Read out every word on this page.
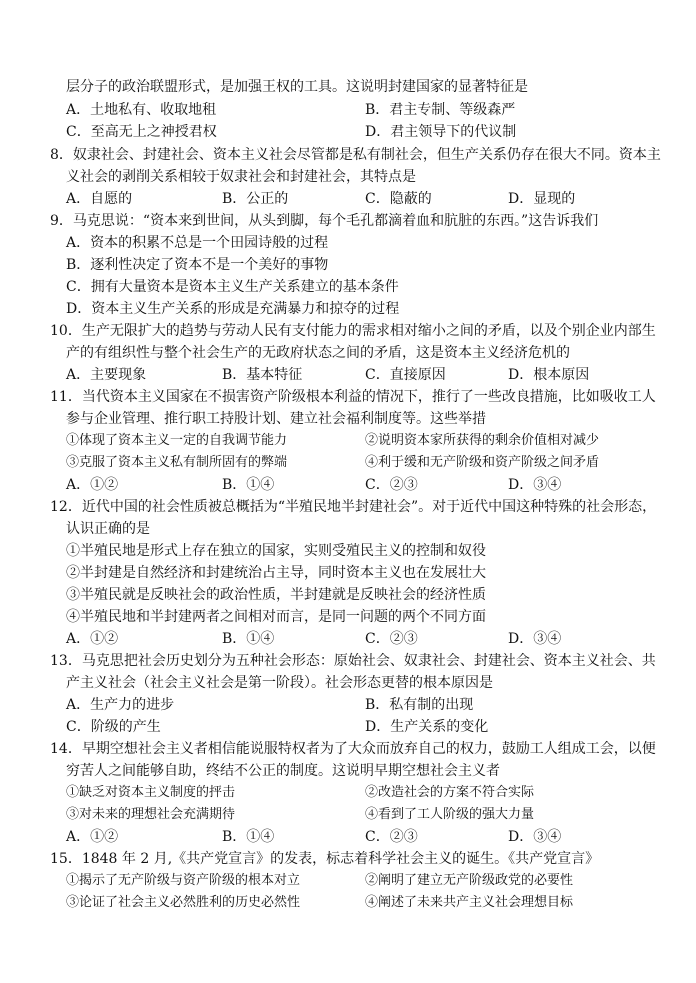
层分子的政治联盟形式，是加强王权的工具。这说明封建国家的显著特征是
A．土地私有、收取地租	B．君主专制、等级森严
C．至高无上之神授君权	D．君主领导下的代议制
8．奴隶社会、封建社会、资本主义社会尽管都是私有制社会，但生产关系仍存在很大不同。资本主
义社会的剥削关系相较于奴隶社会和封建社会，其特点是
A．自愿的	B．公正的	C．隐蔽的	D．显现的
9．马克思说：“资本来到世间，从头到脚，每个毛孔都滴着血和肮脏的东西。”这告诉我们
A．资本的积累不总是一个田园诗般的过程
B．逐利性决定了资本不是一个美好的事物
C．拥有大量资本是资本主义生产关系建立的基本条件
D．资本主义生产关系的形成是充满暴力和掠夺的过程
10．生产无限扩大的趋势与劳动人民有支付能力的需求相对缩小之间的矛盾，以及个别企业内部生
产的有组织性与整个社会生产的无政府状态之间的矛盾，这是资本主义经济危机的
A．主要现象	B．基本特征	C．直接原因	D．根本原因
11．当代资本主义国家在不损害资产阶级根本利益的情况下，推行了一些改良措施，比如吸收工人
参与企业管理、推行职工持股计划、建立社会福利制度等。这些举措
①体现了资本主义一定的自我调节能力	②说明资本家所获得的剩余价值相对减少
③克服了资本主义私有制所固有的弊端	④利于缓和无产阶级和资产阶级之间矛盾
A．①②	B．①④	C．②③	D．③④
12．近代中国的社会性质被总概括为“半殖民地半封建社会”。对于近代中国这种特殊的社会形态，
认识正确的是
①半殖民地是形式上存在独立的国家，实则受殖民主义的控制和奴役
②半封建是自然经济和封建统治占主导，同时资本主义也在发展壮大
③半殖民就是反映社会的政治性质，半封建就是反映社会的经济性质
④半殖民地和半封建两者之间相对而言，是同一问题的两个不同方面
A．①②	B．①④	C．②③	D．③④
13．马克思把社会历史划分为五种社会形态：原始社会、奴隶社会、封建社会、资本主义社会、共
产主义社会（社会主义社会是第一阶段）。社会形态更替的根本原因是
A．生产力的进步	B．私有制的出现
C．阶级的产生	D．生产关系的变化
14．早期空想社会主义者相信能说服特权者为了大众而放弃自己的权力，鼓励工人组成工会，以便
穷苦人之间能够自助，终结不公正的制度。这说明早期空想社会主义者
①缺乏对资本主义制度的抨击	②改造社会的方案不符合实际
③对未来的理想社会充满期待	④看到了工人阶级的强大力量
A．①②	B．①④	C．②③	D．③④
15．1848 年 2 月,《共产党宣言》的发表，标志着科学社会主义的诞生。《共产党宣言》
①揭示了无产阶级与资产阶级的根本对立	②阐明了建立无产阶级政党的必要性
③论证了社会主义必然胜利的历史必然性	④阐述了未来共产主义社会理想目标
